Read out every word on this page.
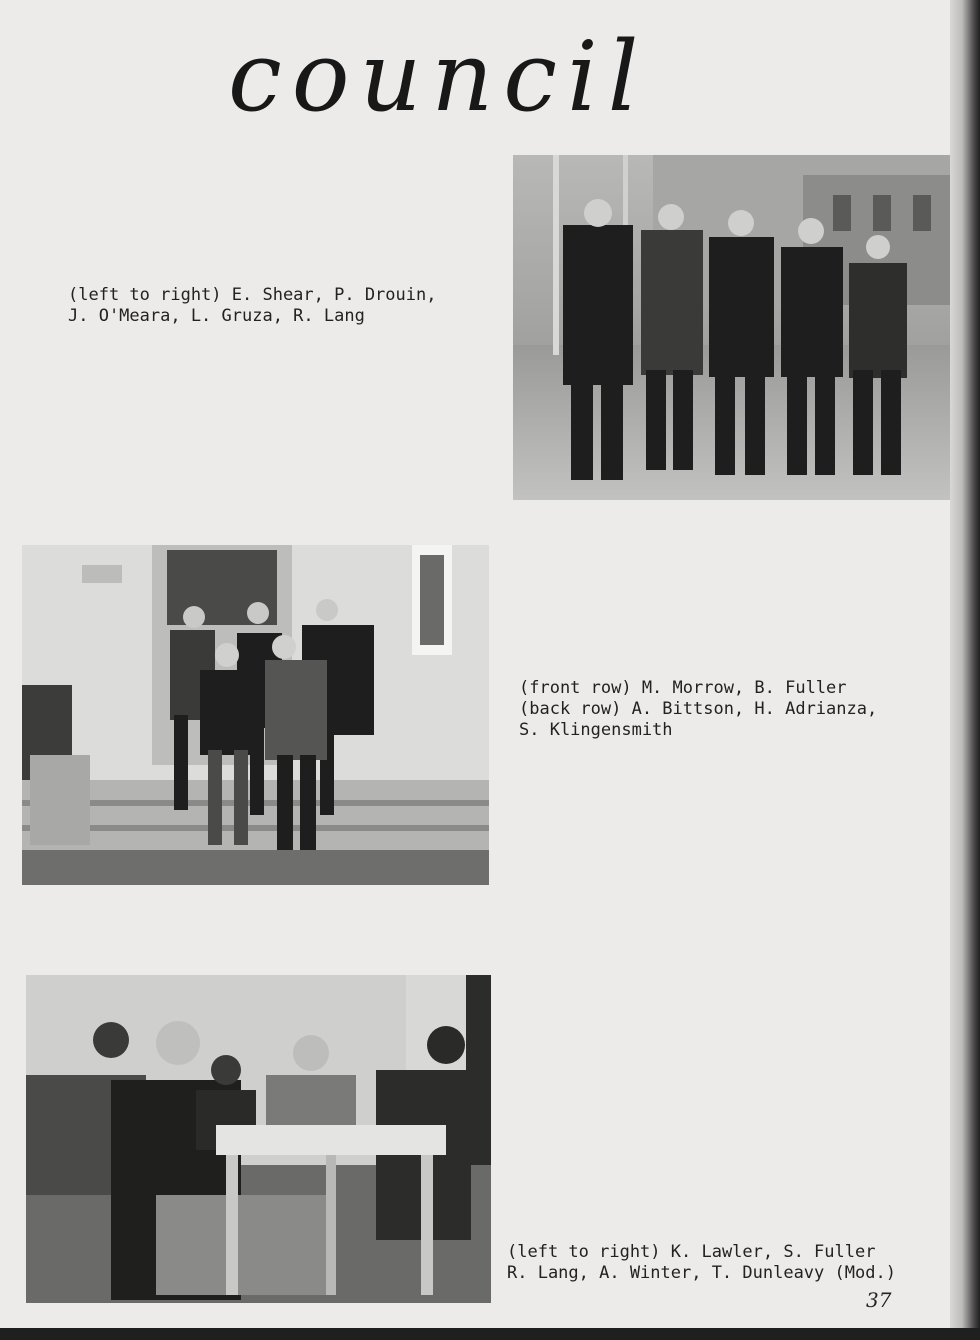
council
(left to right) E. Shear, P. Drouin,
J. O'Meara, L. Gruza, R. Lang
(front row) M. Morrow, B. Fuller
(back row) A. Bittson, H. Adrianza,
S. Klingensmith
(left to right) K. Lawler, S. Fuller
R. Lang, A. Winter, T. Dunleavy (Mod.)
37
